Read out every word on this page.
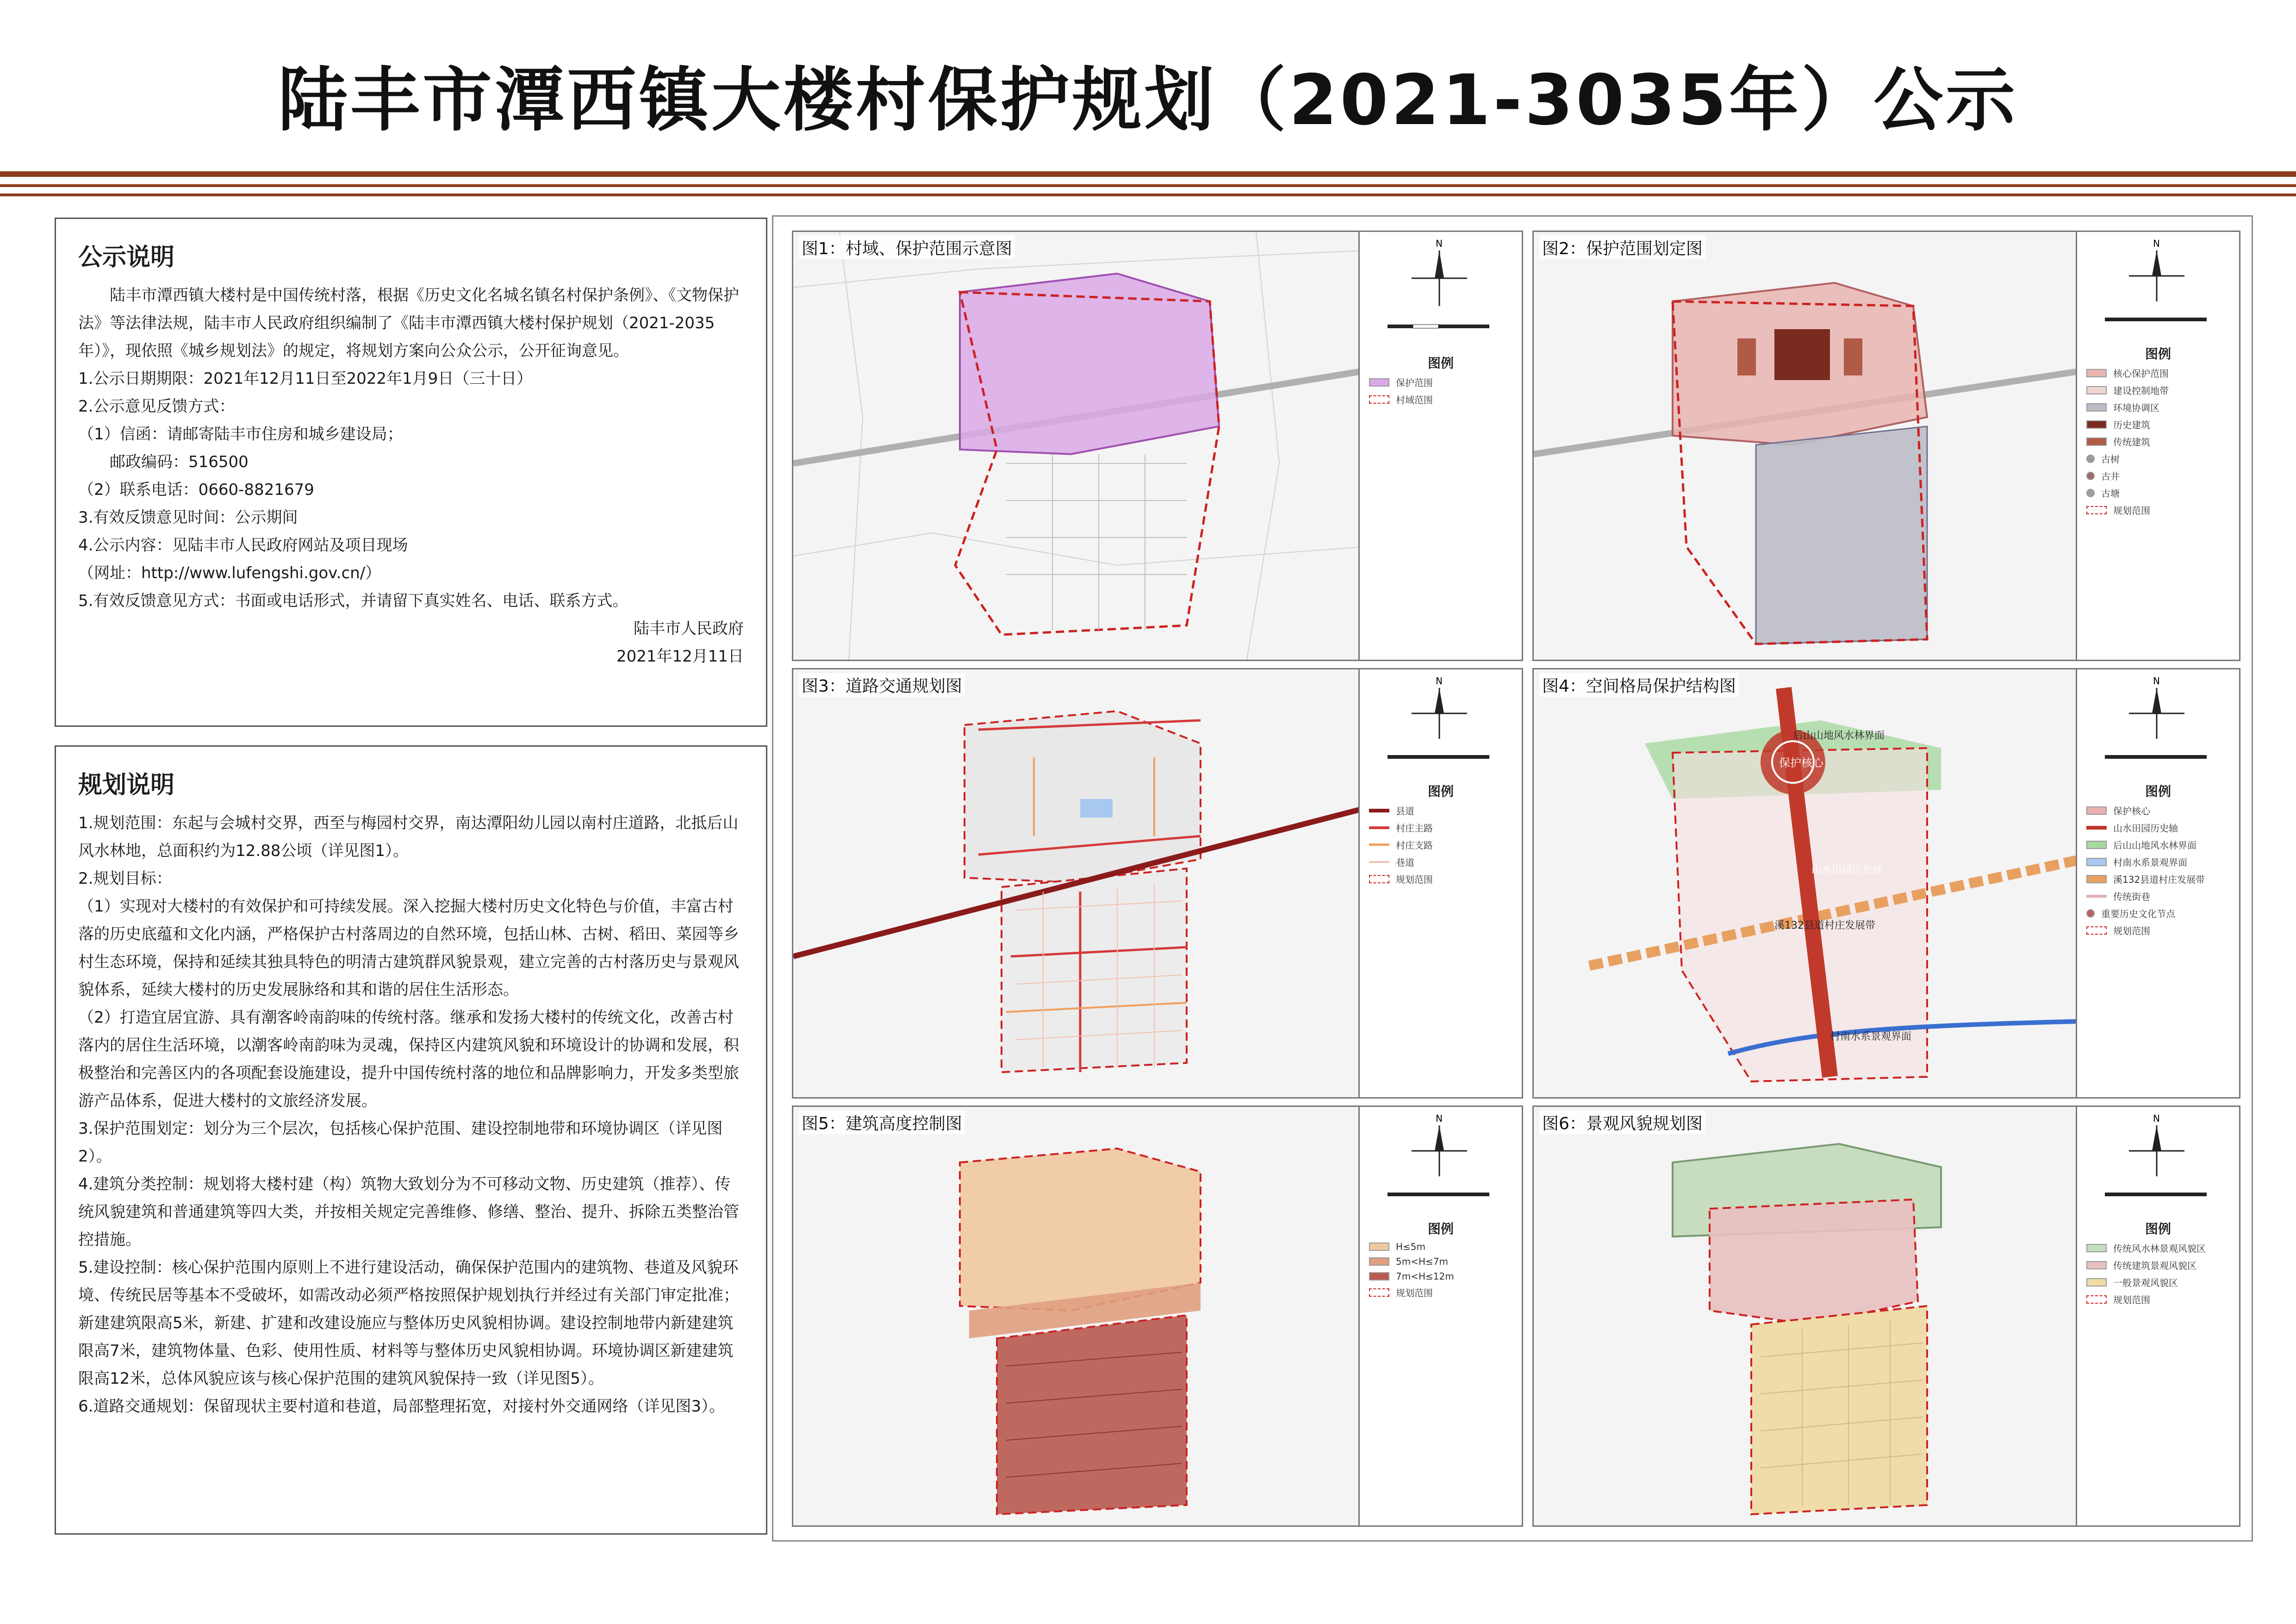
陆丰市潭西镇大楼村保护规划（2021-3035年）公示
公示说明

陆丰市潭西镇大楼村是中国传统村落，根据《历史文化名城名镇名村保护条例》、《文物保护法》等法律法规，陆丰市人民政府组织编制了《陆丰市潭西镇大楼村保护规划（2021-2035年）》，现依照《城乡规划法》的规定，将规划方案向公众公示，公开征询意见。

1.公示日期期限：2021年12月11日至2022年1月9日（三十日）

2.公示意见反馈方式：

（1）信函：请邮寄陆丰市住房和城乡建设局；

邮政编码：516500

（2）联系电话：0660-8821679

3.有效反馈意见时间：公示期间

4.公示内容：见陆丰市人民政府网站及项目现场

（网址：http://www.lufengshi.gov.cn/）

5.有效反馈意见方式：书面或电话形式，并请留下真实姓名、电话、联系方式。

陆丰市人民政府
2021年12月11日
规划说明

1.规划范围：东起与会城村交界，西至与梅园村交界，南达潭阳幼儿园以南村庄道路，北抵后山风水林地，总面积约为12.88公顷（详见图1）。

2.规划目标：

（1）实现对大楼村的有效保护和可持续发展。深入挖掘大楼村历史文化特色与价值，丰富古村落的历史底蕴和文化内涵，严格保护古村落周边的自然环境，包括山林、古树、稻田、菜园等乡村生态环境，保持和延续其独具特色的明清古建筑群风貌景观，建立完善的古村落历史与景观风貌体系，延续大楼村的历史发展脉络和其和谐的居住生活形态。

（2）打造宜居宜游、具有潮客岭南韵味的传统村落。继承和发扬大楼村的传统文化，改善古村落内的居住生活环境，以潮客岭南韵味为灵魂，保持区内建筑风貌和环境设计的协调和发展，积极整治和完善区内的各项配套设施建设，提升中国传统村落的地位和品牌影响力，开发多类型旅游产品体系，促进大楼村的文旅经济发展。

3.保护范围划定：划分为三个层次，包括核心保护范围、建设控制地带和环境协调区（详见图2）。

4.建筑分类控制：规划将大楼村建（构）筑物大致划分为不可移动文物、历史建筑（推荐）、传统风貌建筑和普通建筑等四大类，并按相关规定完善维修、修缮、整治、提升、拆除五类整治管控措施。

5.建设控制：核心保护范围内原则上不进行建设活动，确保保护范围内的建筑物、巷道及风貌环境、传统民居等基本不受破坏，如需改动必须严格按照保护规划执行并经过有关部门审定批准；新建建筑限高5米，新建、扩建和改建设施应与整体历史风貌相协调。建设控制地带内新建建筑限高7米，建筑物体量、色彩、使用性质、材料等与整体历史风貌相协调。环境协调区新建建筑限高12米，总体风貌应该与核心保护范围的建筑风貌保持一致（详见图5）。

6.道路交通规划：保留现状主要村道和巷道，局部整理拓宽，对接村外交通网络（详见图3）。

图1：村域、保护范围示意图	N
图例
保护范围
村域范围
图2：保护范围划定图	N
图例
核心保护范围
建设控制地带
环境协调区
历史建筑
传统建筑
古树
古井
古塘
规划范围
图3：道路交通规划图	N
图例
县道
村庄主路
村庄支路
巷道
规划范围
保护核心
后山山地风水林界面
溪132县道村庄发展带
村南水系景观界面
山水田园历史轴
图4：空间格局保护结构图	N
图例
保护核心
山水田园历史轴
后山山地风水林界面
村南水系景观界面
溪132县道村庄发展带
传统街巷
重要历史文化节点
规划范围
图5：建筑高度控制图	N
图例
H≤5m
5m<H≤7m
7m<H≤12m
规划范围
图6：景观风貌规划图	N
图例
传统风水林景观风貌区
传统建筑景观风貌区
一般景观风貌区
规划范围
